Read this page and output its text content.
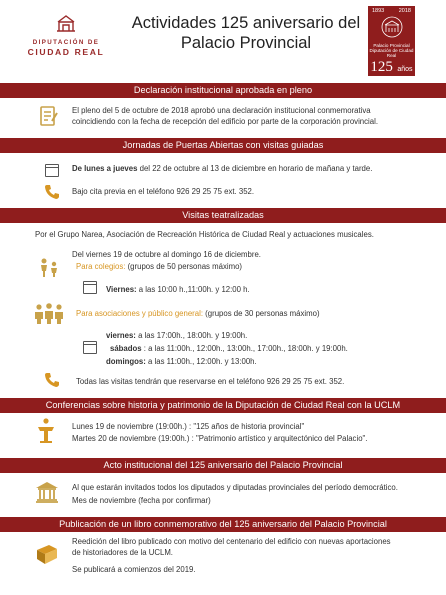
DIPUTACIÓN DE
CIUDAD REAL
Actividades 125 aniversario del
Palacio Provincial
1893	2018
Palacio Provincial Diputación de Ciudad Real
125 años
Declaración institucional aprobada en pleno
El pleno del 5 de octubre de 2018 aprobó una declaración institucional conmemorativa
coincidiendo con la fecha de recepción del edificio por parte de la corporación provincial.
Jornadas de Puertas Abiertas con visitas guiadas
De lunes a jueves del 22 de octubre al 13 de diciembre en horario de mañana y tarde.
Bajo cita previa en el teléfono 926 29 25 75 ext. 352.
Visitas teatralizadas
Por el Grupo Narea, Asociación de Recreación Histórica de Ciudad Real y actuaciones musicales.
Del viernes 19 de octubre al domingo 16 de diciembre.
Para colegios: (grupos de 50 personas máximo)
Viernes: a las 10:00 h.,11:00h. y 12:00 h.
Para asociaciones y público general: (grupos de 30 personas máximo)
viernes: a las 17:00h., 18:00h. y 19:00h.
sábados : a las 11:00h., 12:00h., 13:00h., 17:00h., 18:00h. y 19:00h.
domingos: a las 11:00h., 12:00h. y 13:00h.
Todas las visitas tendrán que reservarse en el teléfono 926 29 25 75 ext. 352.
Conferencias sobre historia y patrimonio de la Diputación de Ciudad Real con la UCLM
Lunes 19 de noviembre (19:00h.) : "125 años de historia provincial"
Martes 20 de noviembre (19:00h.) : "Patrimonio artístico y arquitectónico del Palacio".
Acto institucional del 125 aniversario del Palacio Provincial
Al que estarán invitados todos los diputados y diputadas provinciales del período democrático.
Mes de noviembre (fecha por confirmar)
Publicación de un libro conmemorativo del 125 aniversario del Palacio Provincial
Reedición del libro publicado con motivo del centenario del edificio con nuevas aportaciones
de historiadores de la UCLM.
Se publicará a comienzos del 2019.
